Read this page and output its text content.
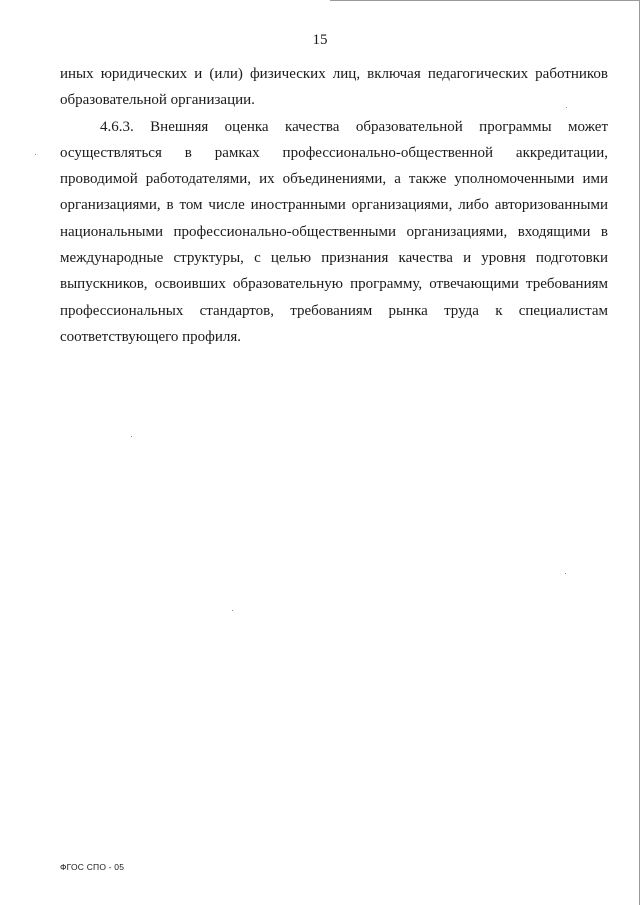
15

иных юридических и (или) физических лиц, включая педагогических работников образовательной организации.

4.6.3. Внешняя оценка качества образовательной программы может осуществляться в рамках профессионально-общественной аккредитации, проводимой работодателями, их объединениями, а также уполномоченными ими организациями, в том числе иностранными организациями, либо авторизованными национальными профессионально-общественными организациями, входящими в международные структуры, с целью признания качества и уровня подготовки выпускников, освоивших образовательную программу, отвечающими требованиям профессиональных стандартов, требованиям рынка труда к специалистам соответствующего профиля.

ФГОС СПО - 05
